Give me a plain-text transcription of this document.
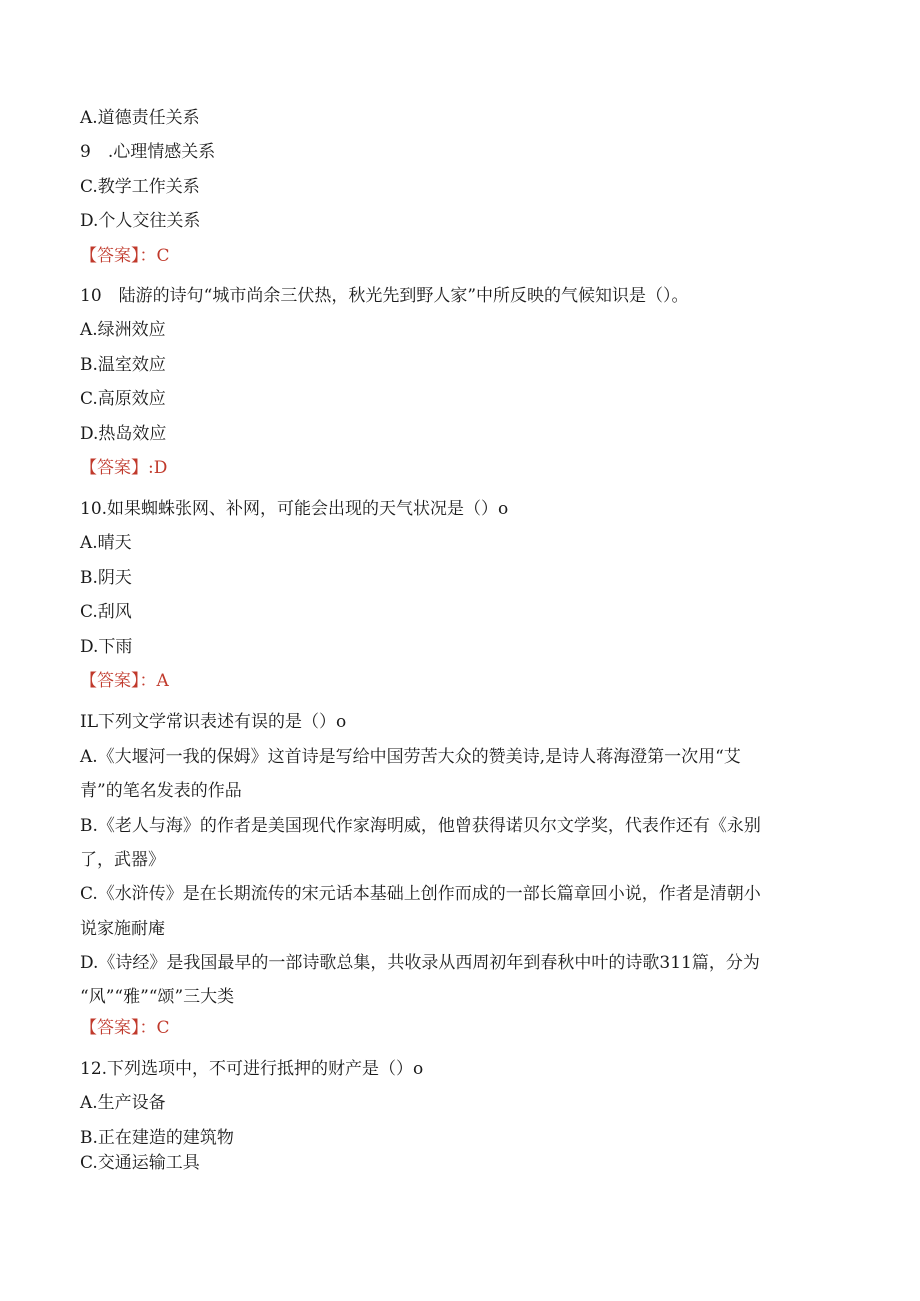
A.道德责任关系
9　.心理情感关系
C.教学工作关系
D.个人交往关系
【答案】：C
10　陆游的诗句“城市尚余三伏热，秋光先到野人家”中所反映的气候知识是（）。
A.绿洲效应
B.温室效应
C.高原效应
D.热岛效应
【答案】:D
10.如果蜘蛛张网、补网，可能会出现的天气状况是（）o
A.晴天
B.阴天
C.刮风
D.下雨
【答案】：A
IL下列文学常识表述有误的是（）o
A.《大堰河一我的保姆》这首诗是写给中国劳苦大众的赞美诗,是诗人蒋海澄第一次用“艾
青”的笔名发表的作品
B.《老人与海》的作者是美国现代作家海明威，他曾获得诺贝尔文学奖，代表作还有《永别
了，武器》
C.《水浒传》是在长期流传的宋元话本基础上创作而成的一部长篇章回小说，作者是清朝小
说家施耐庵
D.《诗经》是我国最早的一部诗歌总集，共收录从西周初年到春秋中叶的诗歌311篇，分为
“风”“雅”“颂”三大类
【答案】：C
12.下列选项中，不可进行抵押的财产是（）o
A.生产设备
B.正在建造的建筑物
C.交通运输工具
